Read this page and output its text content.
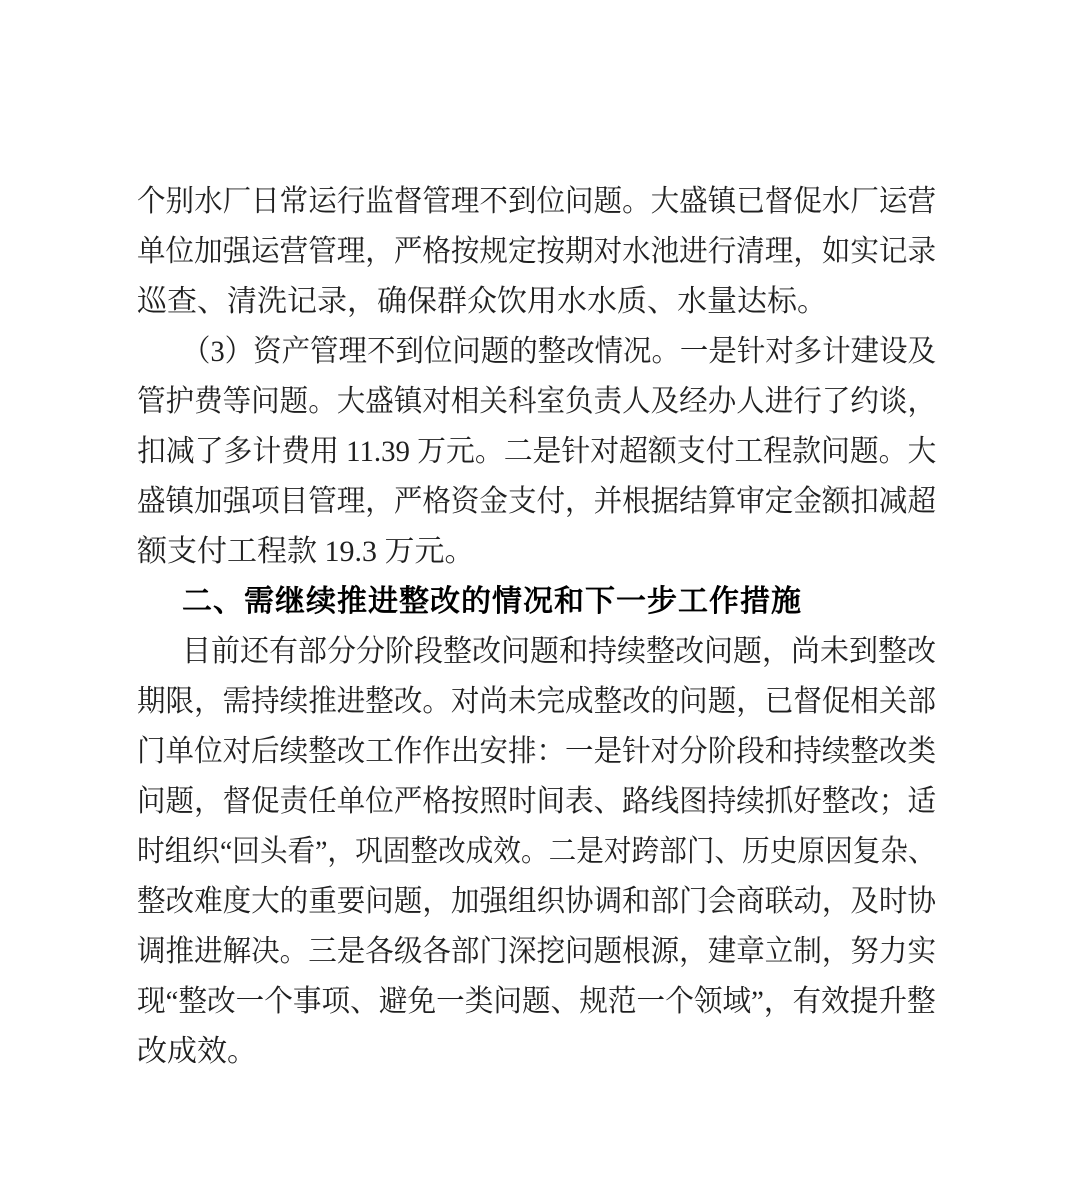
个别水厂日常运行监督管理不到位问题。大盛镇已督促水厂运营
单位加强运营管理，严格按规定按期对水池进行清理，如实记录
巡查、清洗记录，确保群众饮用水水质、水量达标。
（3）资产管理不到位问题的整改情况。一是针对多计建设及
管护费等问题。大盛镇对相关科室负责人及经办人进行了约谈，
扣减了多计费用 11.39 万元。二是针对超额支付工程款问题。大
盛镇加强项目管理，严格资金支付，并根据结算审定金额扣减超
额支付工程款 19.3 万元。
二、需继续推进整改的情况和下一步工作措施
目前还有部分分阶段整改问题和持续整改问题，尚未到整改
期限，需持续推进整改。对尚未完成整改的问题，已督促相关部
门单位对后续整改工作作出安排：一是针对分阶段和持续整改类
问题，督促责任单位严格按照时间表、路线图持续抓好整改；适
时组织“回头看”，巩固整改成效。二是对跨部门、历史原因复杂、
整改难度大的重要问题，加强组织协调和部门会商联动，及时协
调推进解决。三是各级各部门深挖问题根源，建章立制，努力实
现“整改一个事项、避免一类问题、规范一个领域”，有效提升整
改成效。
